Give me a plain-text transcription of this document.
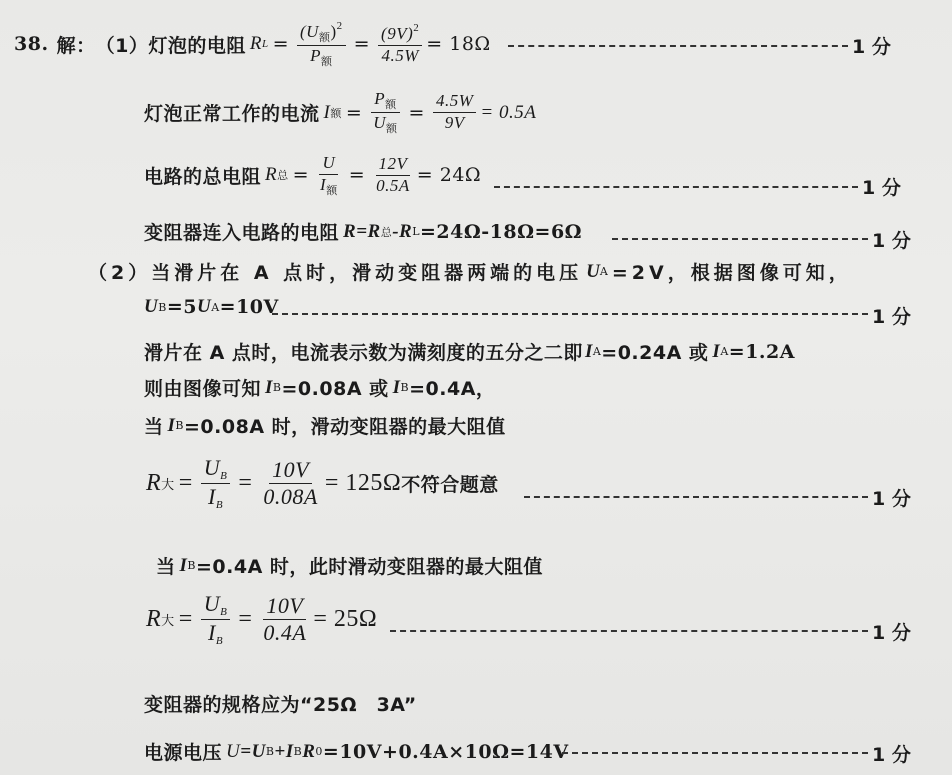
38. 解 ： （1） 灯泡的电阻 R $L = \frac{(U_额)^2}{P_额} = \frac{(9V)^2}{4.5W} = 18\Omega$	1 分
灯泡正常工作的电流 I 额 = $\frac{P_额}{U_额} = \frac{4.5W}{9V} = 0.5A$
电路的总电阻 R 总 = $\frac{U}{I_额} = \frac{12V}{0.5A} = 24\Omega$
1 分
变阻器连入电路的电阻 R=R 总 -R L =24Ω-18Ω=6Ω	1 分
（2） 当滑片在 A 点时，滑动变阻器两端的电压 U A =2V，根据图像可知，
U B =5 U A =10V	1 分
滑片在 A 点时，电流表示数为满刻度的五分之二即 I A =0.24A 或 I A =1.2A
则由图像可知 I B =0.08A 或 I B =0.4A，
当 I B =0.08A 时，滑动变阻器的最大阻值
R 大 = $\frac{U_B}{I_B} = \frac{10V}{0.08A} = 125\Omega$ 不符合题意
1 分
当 I B =0.4A 时，此时滑动变阻器的最大阻值
R 大 = $\frac{U_B}{I_B} = \frac{10V}{0.4A} = 25\Omega$
1 分
变阻器的规格应为“25Ω　3A”
电源电压 U =U B +I B R 0 =10V+0.4A×10Ω=14V	1 分
